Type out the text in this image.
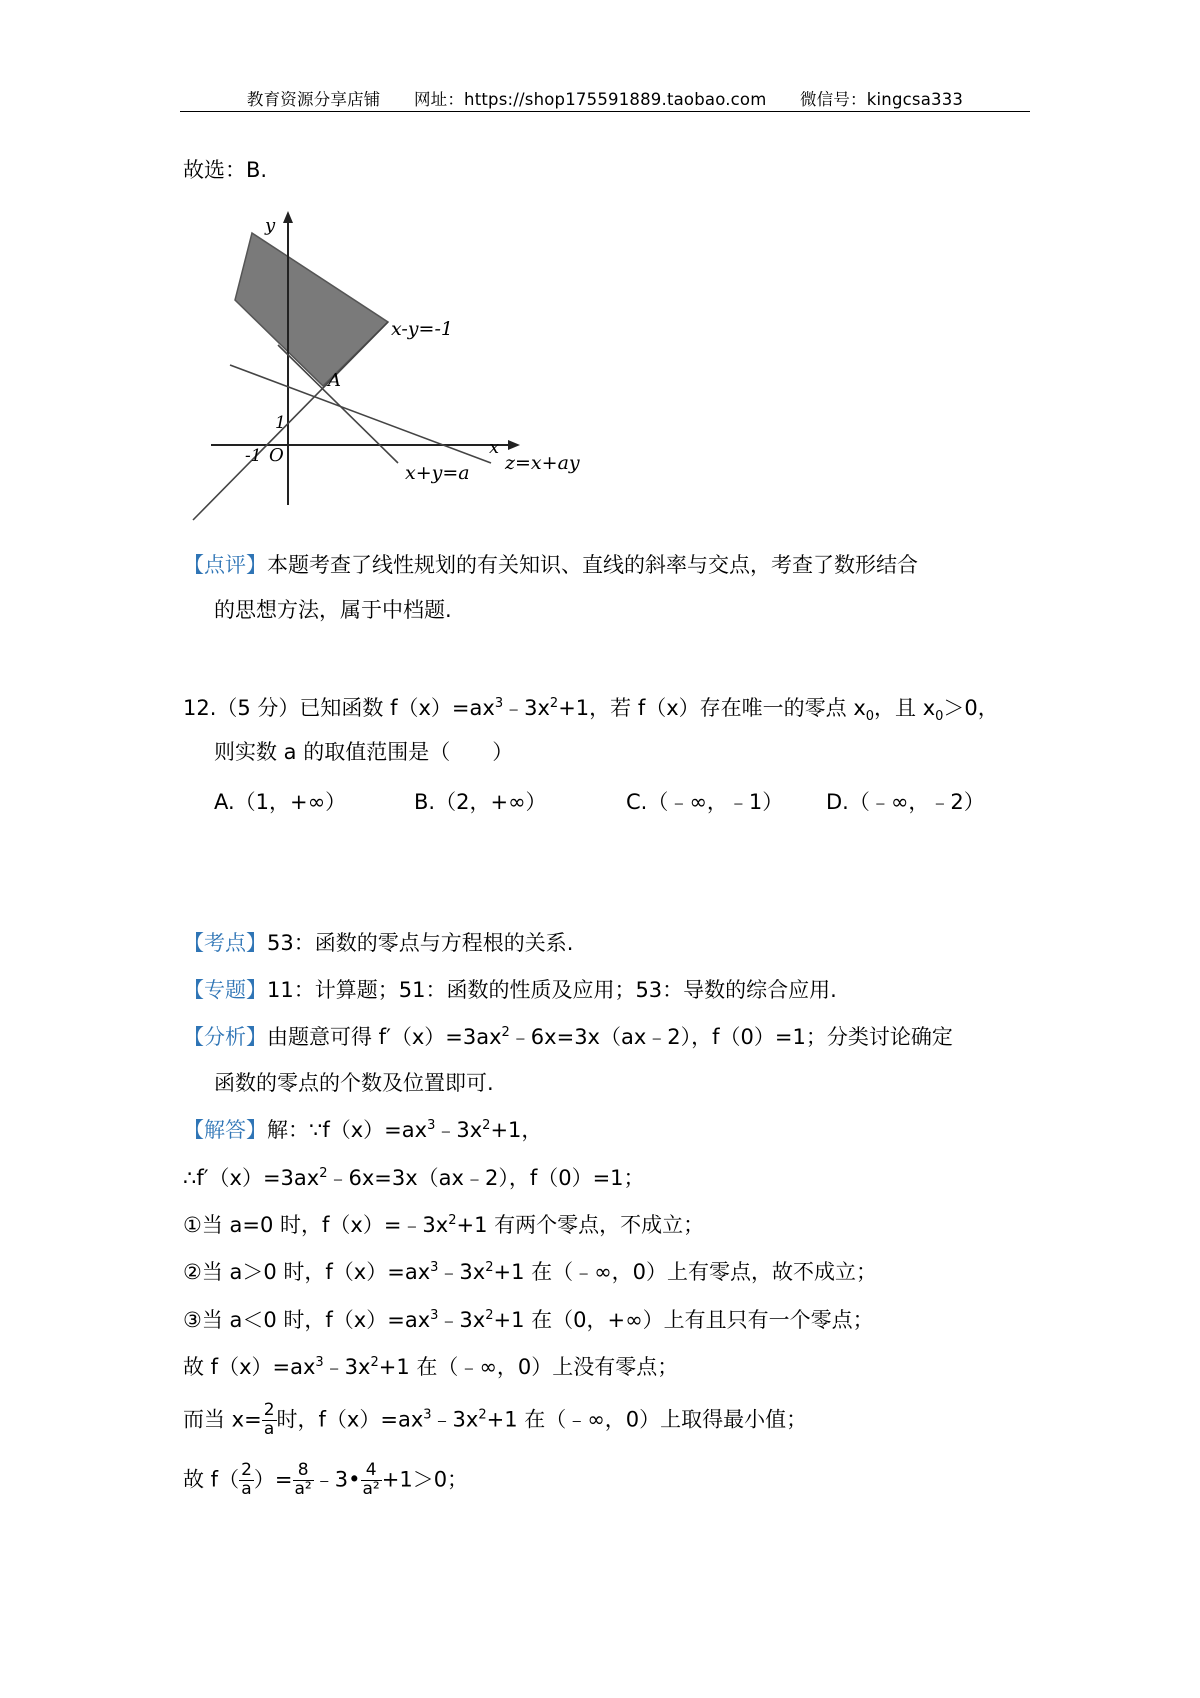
教育资源分享店铺 网址：https://shop175591889.taobao.com 微信号：kingcsa333
故选：B.
y
x
O
-1
1
A
x-y=-1
x+y=a z=x+ay
【点评】本题考查了线性规划的有关知识、直线的斜率与交点，考查了数形结合
的思想方法，属于中档题.
12.（5 分）已知函数 $f(x)=ax^3﹣3x^2+1$，若 f（x）存在唯一的零点 $x_0$，且 $x_0>0$，
则实数 a 的取值范围是（　　）
A.（1，+∞）	B.（2，+∞）	C.（﹣∞，﹣1） D.（﹣∞，﹣2）
【考点】53：函数的零点与方程根的关系.
【专题】11：计算题；51：函数的性质及应用；53：导数的综合应用.
【分析】由题意可得 $f'(x)=3ax^2﹣6x=3x(ax﹣2)$，f（0）=1；分类讨论确定
函数的零点的个数及位置即可.
【解答】解：$\because f(x)=ax^3﹣3x^2+1$，
$\therefore f'(x)=3ax^2﹣6x=3x(ax﹣2)$，f（0）=1；
①当 a=0 时，$f(x)=﹣3x^2+1$ 有两个零点，不成立；
②当 a＞0 时，$f(x)=ax^3﹣3x^2+1$ 在（﹣∞，0）上有零点，故不成立；
③当 a＜0 时，$f(x)=ax^3﹣3x^2+1$ 在（0，+∞）上有且只有一个零点；
故 $f(x)=ax^3﹣3x^2+1$ 在（﹣∞，0）上没有零点；
而当 $x= \frac{2}{a}$ 时，$f(x)=ax^3﹣3x^2+1$ 在（﹣∞，0）上取得最小值；
故 $f( \frac{2}{a}$ ）= $\frac{8}{\text{a²}}$ ﹣3• $\frac{4}{\text{a²}} +1>0$；
